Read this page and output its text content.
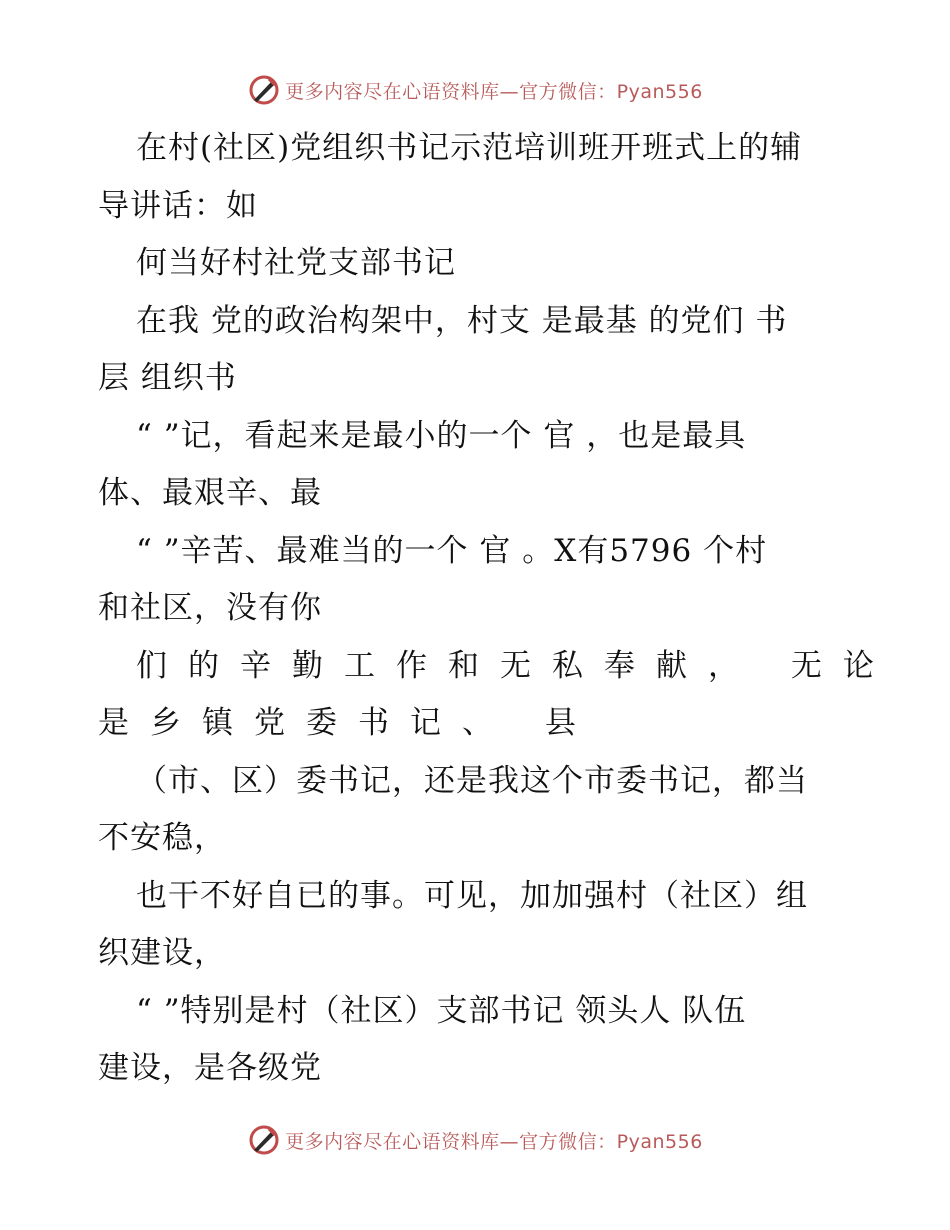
更多内容尽在心语资料库—官方微信：Pyan556
在村(社区)党组织书记示范培训班开班式上的辅
导讲话：如
何当好村社党支部书记
在我 党的政治构架中，村支 是最基 的党们 书
层 组织书
“ ”记，看起来是最小的一个 官 ，也是最具
体、最艰辛、最
“ ”辛苦、最难当的一个 官 。X有5796 个村
和社区，没有你
们的辛勤工作和无私奉献， 无论
是乡镇党委书记、 县
（市、区）委书记，还是我这个市委书记，都当
不安稳，
也干不好自已的事。可见，加加强村（社区）组
织建设，
“ ”特别是村（社区）支部书记 领头人 队伍
建设，是各级党
更多内容尽在心语资料库—官方微信：Pyan556
